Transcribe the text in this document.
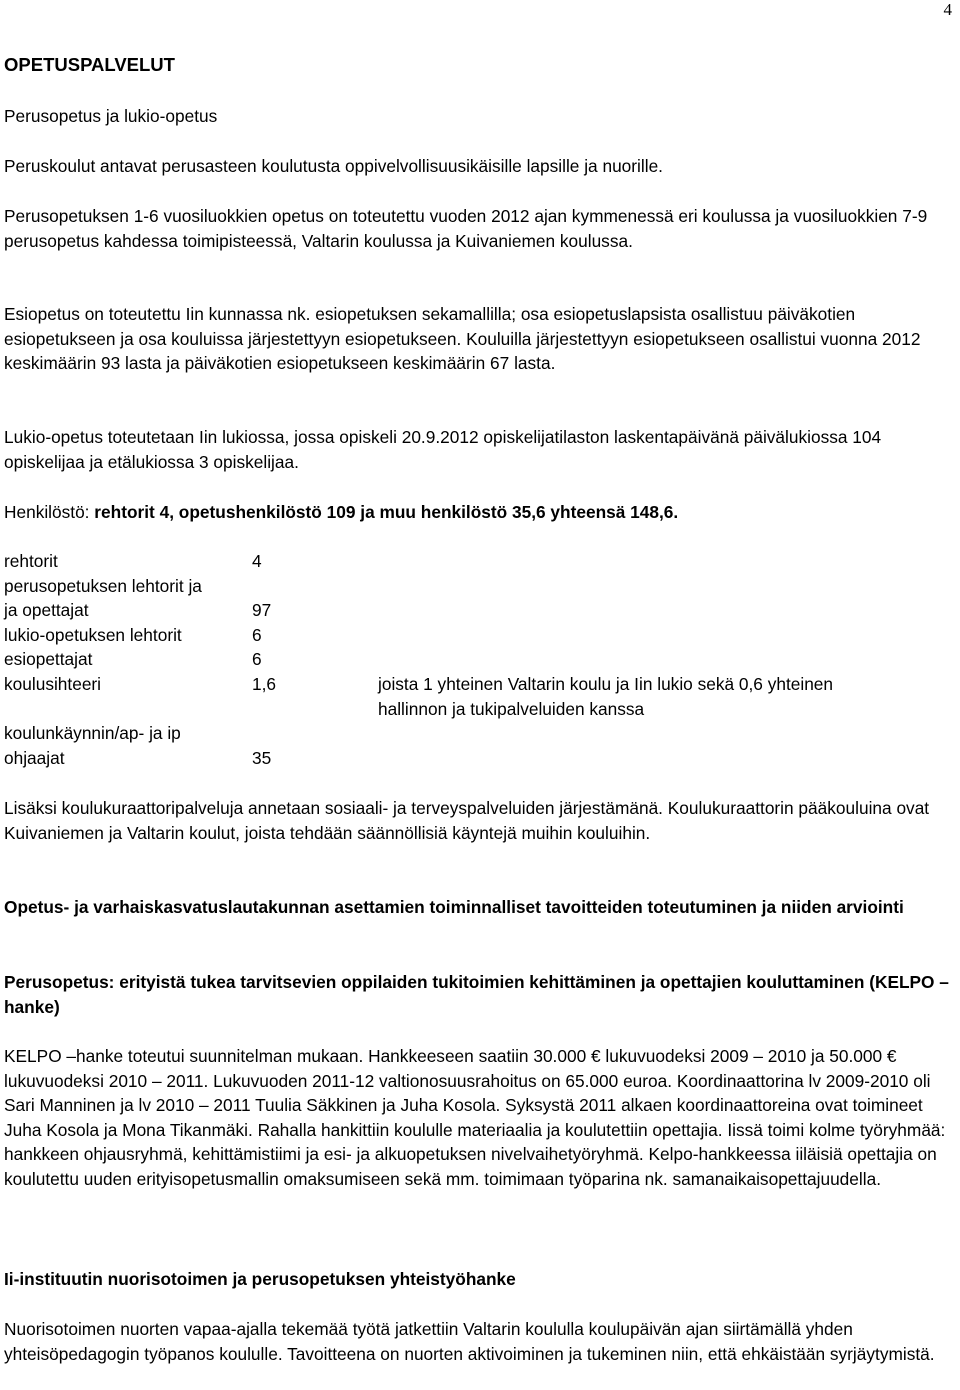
4
OPETUSPALVELUT
Perusopetus ja lukio-opetus
Peruskoulut antavat perusasteen koulutusta oppivelvollisuusikäisille lapsille ja nuorille.
Perusopetuksen 1-6 vuosiluokkien opetus on toteutettu vuoden 2012 ajan kymmenessä eri koulussa ja vuosiluokkien 7-9 perusopetus kahdessa toimipisteessä, Valtarin koulussa ja Kuivaniemen koulussa.
Esiopetus on toteutettu Iin kunnassa nk. esiopetuksen sekamallilla; osa esiopetuslapsista osallistuu päiväkotien esiopetukseen ja osa kouluissa järjestettyyn esiopetukseen. Kouluilla järjestettyyn esiopetukseen osallistui vuonna 2012 keskimäärin 93 lasta ja päiväkotien esiopetukseen keskimäärin 67 lasta.
Lukio-opetus toteutetaan Iin lukiossa, jossa opiskeli 20.9.2012 opiskelijatilaston laskentapäivänä päivälukiossa 104 opiskelijaa ja etälukiossa 3 opiskelijaa.
Henkilöstö: rehtorit 4, opetushenkilöstö 109 ja muu henkilöstö 35,6 yhteensä 148,6.
rehtorit	4	
perusopetuksen lehtorit ja		
ja opettajat	97	
lukio-opetuksen lehtorit	6	
esiopettajat	6	
koulusihteeri	1,6	joista 1 yhteinen Valtarin koulu ja Iin lukio sekä 0,6 yhteinen hallinnon ja tukipalveluiden kanssa
koulunkäynnin/ap- ja ip		
ohjaajat	35	
Lisäksi koulukuraattoripalveluja annetaan sosiaali- ja terveyspalveluiden järjestämänä. Koulukuraattorin pääkouluina ovat Kuivaniemen ja Valtarin koulut, joista tehdään säännöllisiä käyntejä muihin kouluihin.
Opetus- ja varhaiskasvatuslautakunnan asettamien toiminnalliset tavoitteiden toteutuminen ja niiden arviointi
Perusopetus: erityistä tukea tarvitsevien oppilaiden tukitoimien kehittäminen ja opettajien kouluttaminen (KELPO –hanke)
KELPO –hanke toteutui suunnitelman mukaan. Hankkeeseen saatiin 30.000 € lukuvuodeksi 2009 – 2010 ja 50.000 € lukuvuodeksi 2010 – 2011. Lukuvuoden 2011-12 valtionosuusrahoitus on 65.000 euroa. Koordinaattorina lv 2009-2010 oli Sari Manninen ja lv 2010 – 2011 Tuulia Säkkinen ja Juha Kosola. Syksystä 2011 alkaen koordinaattoreina ovat toimineet Juha Kosola ja Mona Tikanmäki. Rahalla hankittiin koululle materiaalia ja koulutettiin opettajia. Iissä toimi kolme työryhmää: hankkeen ohjausryhmä, kehittämistiimi ja esi- ja alkuopetuksen nivelvaihetyöryhmä. Kelpo-hankkeessa iiläisiä opettajia on koulutettu uuden erityisopetusmallin omaksumiseen sekä mm. toimimaan työparina nk. samanaikaisopettajuudella.
Ii-instituutin nuorisotoimen ja perusopetuksen yhteistyöhanke
Nuorisotoimen nuorten vapaa-ajalla tekemää työtä jatkettiin Valtarin koululla koulupäivän ajan siirtämällä yhden yhteisöpedagogin työpanos koululle. Tavoitteena on nuorten aktivoiminen ja tukeminen niin, että ehkäistään syrjäytymistä.
